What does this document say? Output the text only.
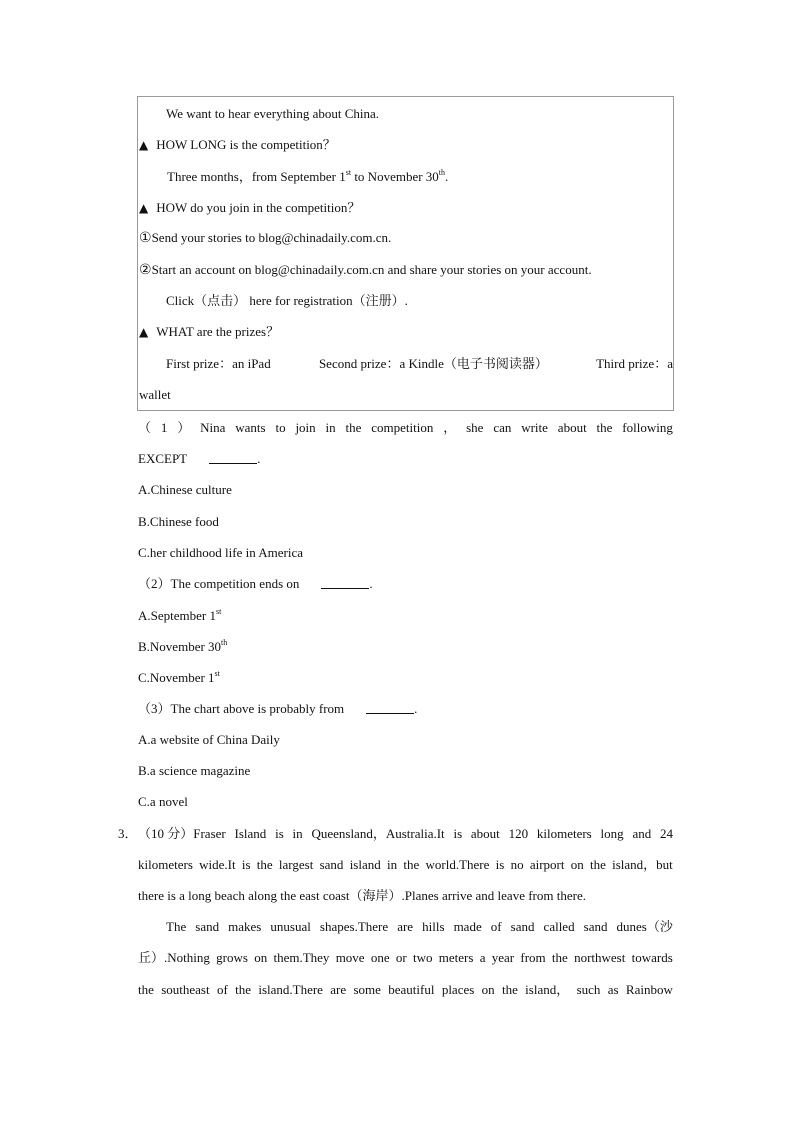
We want to hear everything about China.
▲ HOW LONG is the competition？
Three months，from September 1st to November 30th.
▲ HOW do you join in the competition？
①Send your stories to blog@chinadaily.com.cn.
②Start an account on blog@chinadaily.com.cn and share your stories on your account.
Click（点击） here for registration（注册）.
▲ WHAT are the prizes？
First prize：an iPad	Second prize：a Kindle（电子书阅读器）	Third prize：a
wallet
（ 1 ） Nina wants to join in the competition ， she can write about the following
EXCEPT	.
A.Chinese culture
B.Chinese food
C.her childhood life in America
（2）The competition ends on	.
A.September 1st
B.November 30th
C.November 1st
（3）The chart above is probably from	.
A.a website of China Daily
B.a science magazine
C.a novel
3． （10 分）Fraser Island is in Queensland，Australia.It is about 120 kilometers long and 24
kilometers wide.It is the largest sand island in the world.There is no airport on the island，but
there is a long beach along the east coast（海岸）.Planes arrive and leave from there.
The sand makes unusual shapes.There are hills made of sand called sand dunes（沙
丘）.Nothing grows on them.They move one or two meters a year from the northwest towards
the southeast of the island.There are some beautiful places on the island， such as Rainbow
